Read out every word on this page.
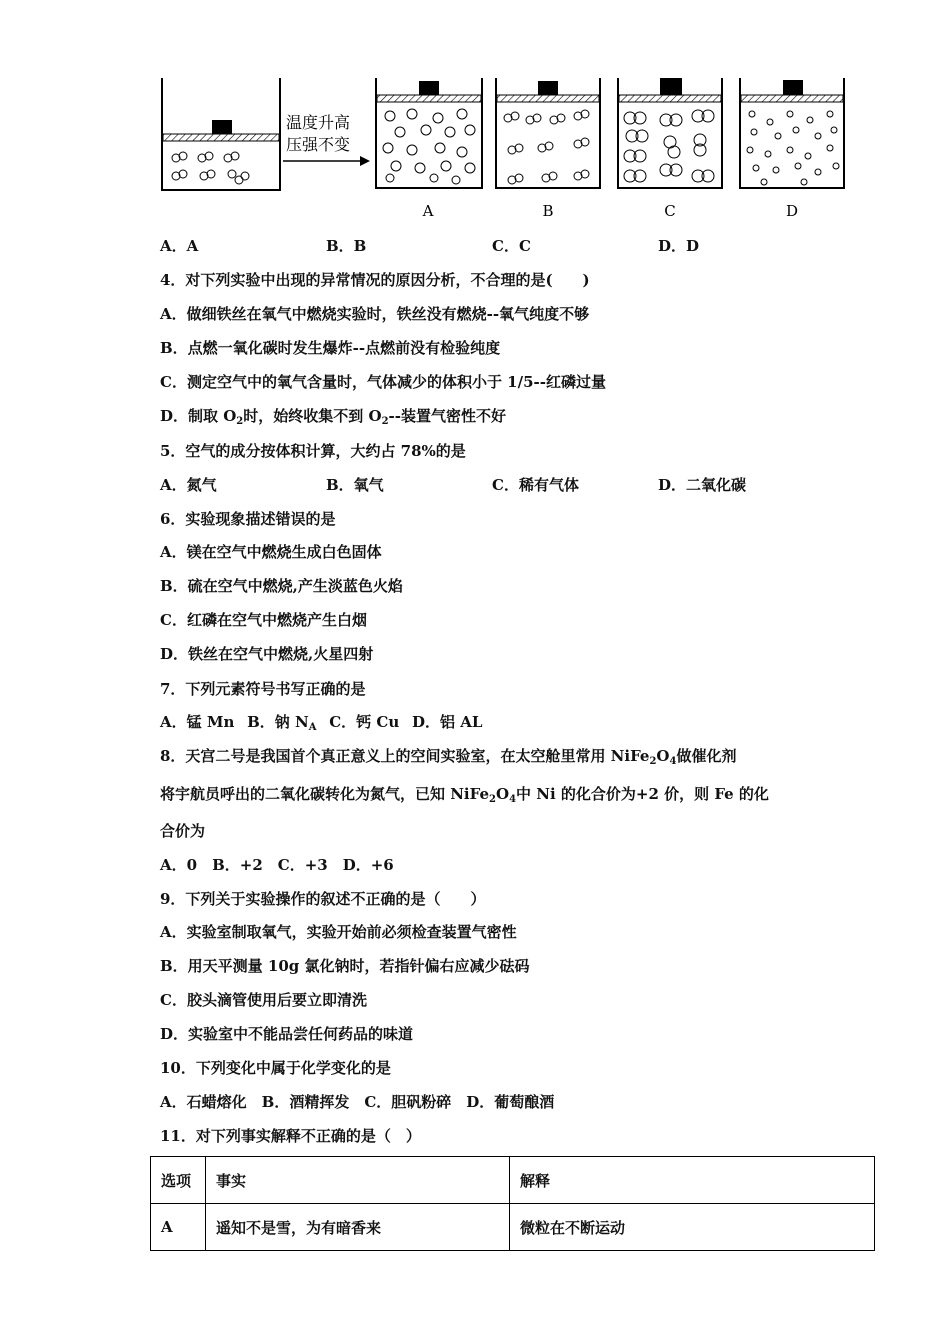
温度升高
压强不变
A	B	C	D
A．A	B．B	C．C	D．D
4．对下列实验中出现的异常情况的原因分析，不合理的是(　　)
A．做细铁丝在氧气中燃烧实验时，铁丝没有燃烧--氧气纯度不够
B．点燃一氧化碳时发生爆炸--点燃前没有检验纯度
C．测定空气中的氧气含量时，气体减少的体积小于 1/5--红磷过量
D．制取 $O_2$时，始终收集不到 $O_2--$装置气密性不好
5．空气的成分按体积计算，大约占 78%的是
A．氮气	B．氧气	C．稀有气体	D．二氧化碳
6．实验现象描述错误的是
A．镁在空气中燃烧生成白色固体
B．硫在空气中燃烧,产生淡蓝色火焰
C．红磷在空气中燃烧产生白烟
D．铁丝在空气中燃烧,火星四射
7．下列元素符号书写正确的是
A．锰 Mn  B．钠 $N_A$  C．钙 Cu  D．铝 AL
8．天宫二号是我国首个真正意义上的空间实验室，在太空舱里常用 $NiFe_2O_4$做催化剂
将宇航员呼出的二氧化碳转化为氮气，已知 $NiFe_2O_4$中 Ni 的化合价为+2 价，则 Fe 的化
合价为
A．0　B．+2　C．+3　D．+6
9．下列关于实验操作的叙述不正确的是（　　）
A．实验室制取氧气，实验开始前必须检查装置气密性
B．用天平测量 10g 氯化钠时，若指针偏右应减少砝码
C．胶头滴管使用后要立即清洗
D．实验室中不能品尝任何药品的味道
10．下列变化中属于化学变化的是
A．石蜡熔化　B．酒精挥发　C．胆矾粉碎　D．葡萄酿酒
11．对下列事实解释不正确的是（　）
选项	事实	解释
A	遥知不是雪，为有暗香来	微粒在不断运动
